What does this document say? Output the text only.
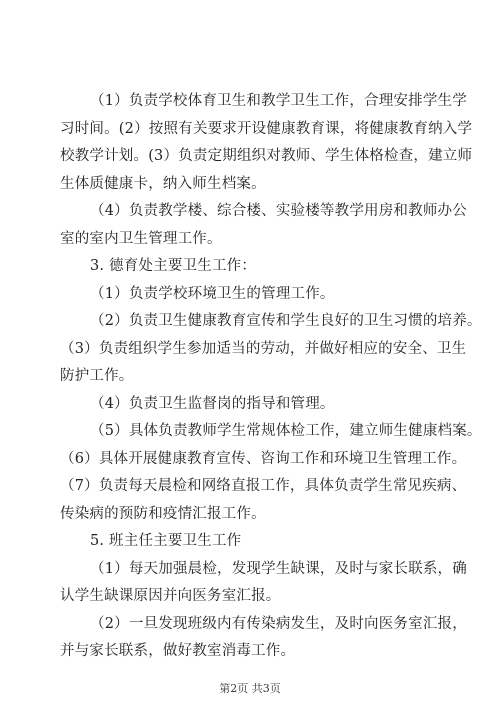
（1）负责学校体育卫生和教学卫生工作，合理安排学生学
习时间。(2）按照有关要求开设健康教育课，将健康教育纳入学
校教学计划。(3）负责定期组织对教师、学生体格检查，建立师
生体质健康卡，纳入师生档案。
（4）负责教学楼、综合楼、实验楼等教学用房和教师办公
室的室内卫生管理工作。
3. 德育处主要卫生工作：
（1）负责学校环境卫生的管理工作。
（2）负责卫生健康教育宣传和学生良好的卫生习惯的培养。
（3）负责组织学生参加适当的劳动，并做好相应的安全、卫生
防护工作。
（4）负责卫生监督岗的指导和管理。
（5）具体负责教师学生常规体检工作，建立师生健康档案。
（6）具体开展健康教育宣传、咨询工作和环境卫生管理工作。
（7）负责每天晨检和网络直报工作，具体负责学生常见疾病、
传染病的预防和疫情汇报工作。
5. 班主任主要卫生工作
（1）每天加强晨检，发现学生缺课，及时与家长联系，确
认学生缺课原因并向医务室汇报。
（2）一旦发现班级内有传染病发生，及时向医务室汇报，
并与家长联系，做好教室消毒工作。
第2页 共3页
